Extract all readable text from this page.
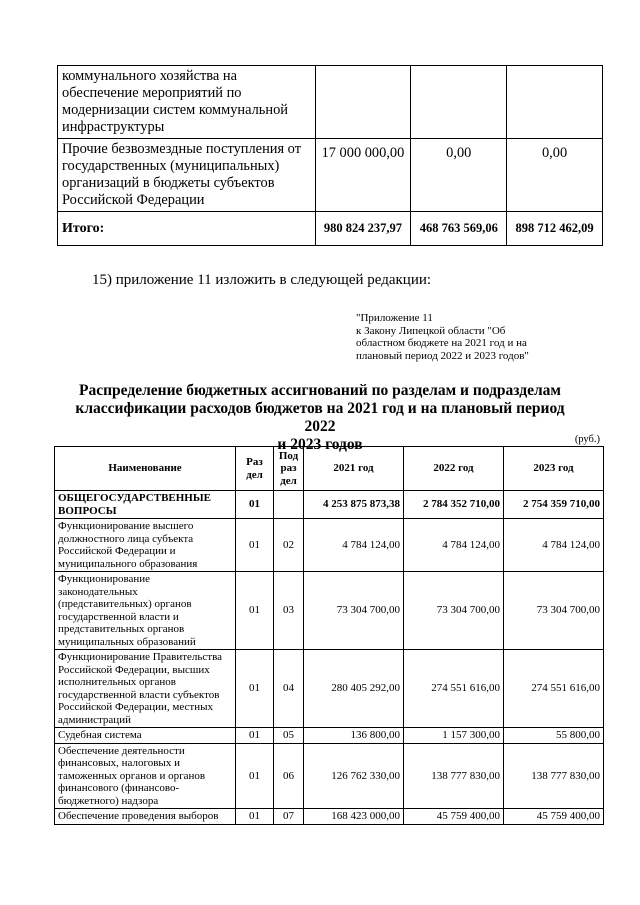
коммунального хозяйства на обеспечение мероприятий по модернизации систем коммунальной инфраструктуры			
Прочие безвозмездные поступления от государственных (муниципальных) организаций в бюджеты субъектов Российской Федерации	17 000 000,00	0,00	0,00
Итого:	980 824 237,97	468 763 569,06	898 712 462,09
15) приложение 11 изложить в следующей редакции:
"Приложение 11
к Закону Липецкой области "Об
областном бюджете на 2021 год и на
плановый период 2022 и 2023 годов"
Распределение бюджетных ассигнований по разделам и подразделам
классификации расходов бюджетов на 2021 год и на плановый период 2022
и 2023 годов	(руб.)
Наименование	Раз дел	Под раз дел	2021 год	2022 год	2023 год
ОБЩЕГОСУДАРСТВЕННЫЕ ВОПРОСЫ	01		4 253 875 873,38	2 784 352 710,00	2 754 359 710,00
Функционирование высшего должностного лица субъекта Российской Федерации и муниципального образования	01	02	4 784 124,00	4 784 124,00	4 784 124,00
Функционирование законодательных (представительных) органов государственной власти и представительных органов муниципальных образований	01	03	73 304 700,00	73 304 700,00	73 304 700,00
Функционирование Правительства Российской Федерации, высших исполнительных органов государственной власти субъектов Российской Федерации, местных администраций	01	04	280 405 292,00	274 551 616,00	274 551 616,00
Судебная система	01	05	136 800,00	1 157 300,00	55 800,00
Обеспечение деятельности финансовых, налоговых и таможенных органов и органов финансового (финансово-бюджетного) надзора	01	06	126 762 330,00	138 777 830,00	138 777 830,00
Обеспечение проведения выборов	01	07	168 423 000,00	45 759 400,00	45 759 400,00
